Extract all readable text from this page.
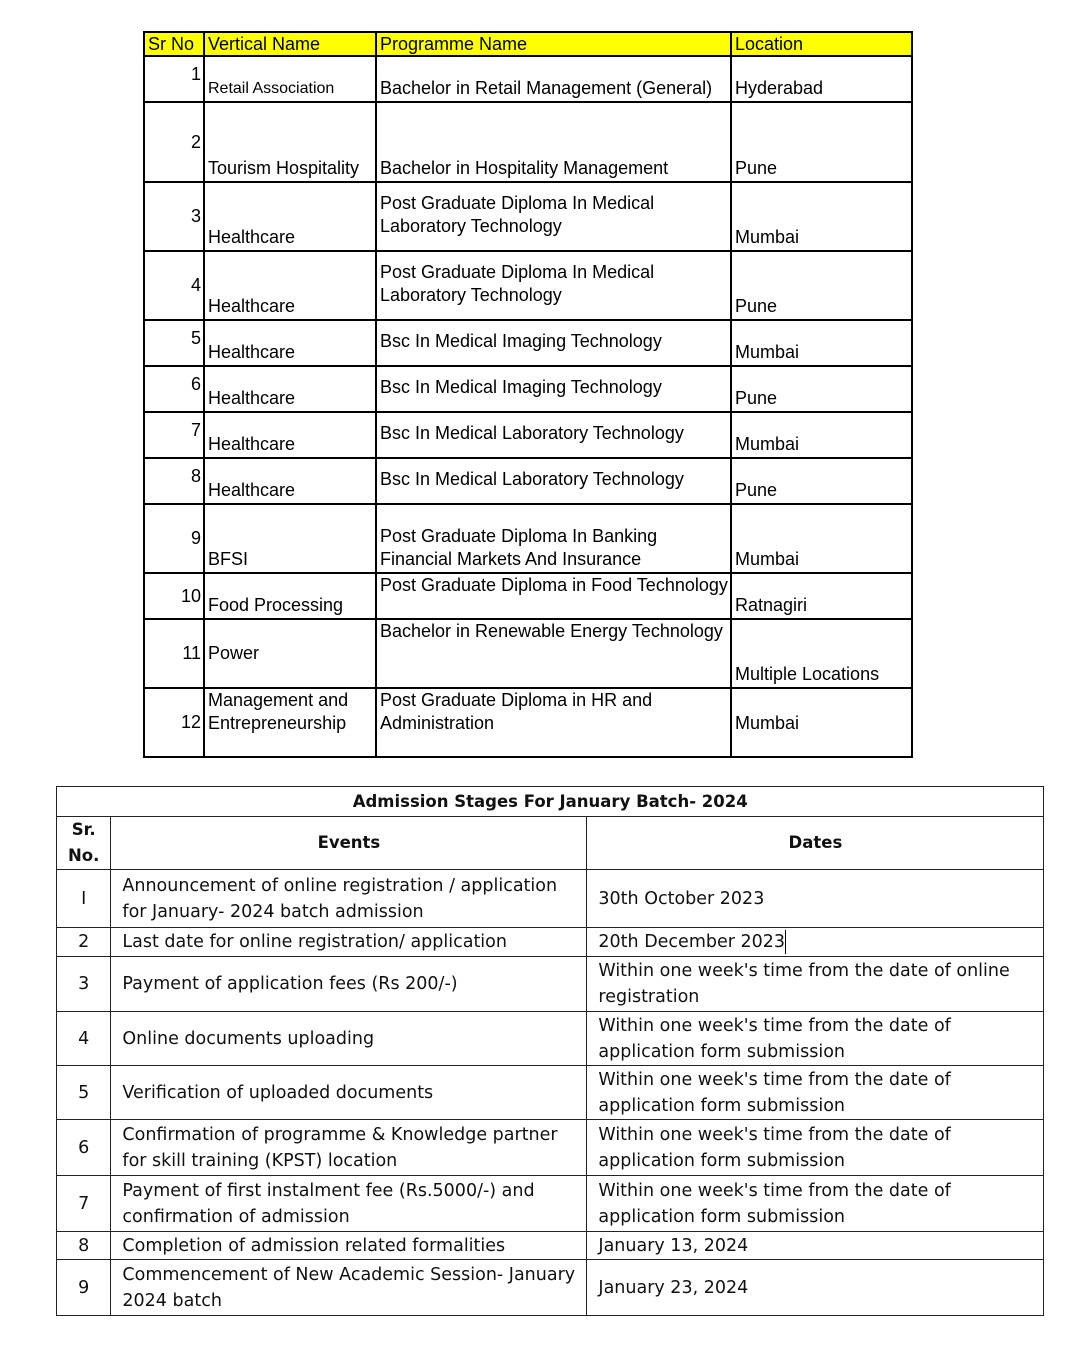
Sr No	Vertical Name	Programme Name	Location
1	Retail Association	Bachelor in Retail Management (General)	Hyderabad
2	Tourism Hospitality	Bachelor in Hospitality Management	Pune
3	Healthcare	Post Graduate Diploma In Medical Laboratory Technology	Mumbai
4	Healthcare	Post Graduate Diploma In Medical Laboratory Technology	Pune
5	Healthcare	Bsc In Medical Imaging Technology	Mumbai
6	Healthcare	Bsc In Medical Imaging Technology	Pune
7	Healthcare	Bsc In Medical Laboratory Technology	Mumbai
8	Healthcare	Bsc In Medical Laboratory Technology	Pune
9	BFSI	Post Graduate Diploma In Banking Financial Markets And Insurance	Mumbai
10	Food Processing	Post Graduate Diploma in Food Technology	Ratnagiri
11	Power	Bachelor in Renewable Energy Technology	Multiple Locations
12	Management and Entrepreneurship	Post Graduate Diploma in HR and Administration	Mumbai
Admission Stages For January Batch- 2024		
Sr. No.	Events	Dates
I	Announcement of online registration / application for January- 2024 batch admission	30th October 2023
2	Last date for online registration/ application	20th December 2023
3	Payment of application fees (Rs 200/-)	Within one week's time from the date of online registration
4	Online documents uploading	Within one week's time from the date of application form submission
5	Verification of uploaded documents	Within one week's time from the date of application form submission
6	Confirmation of programme & Knowledge partner for skill training (KPST) location	Within one week's time from the date of application form submission
7	Payment of first instalment fee (Rs.5000/-) and confirmation of admission	Within one week's time from the date of application form submission
8	Completion of admission related formalities	January 13, 2024
9	Commencement of New Academic Session- January 2024 batch	January 23, 2024
